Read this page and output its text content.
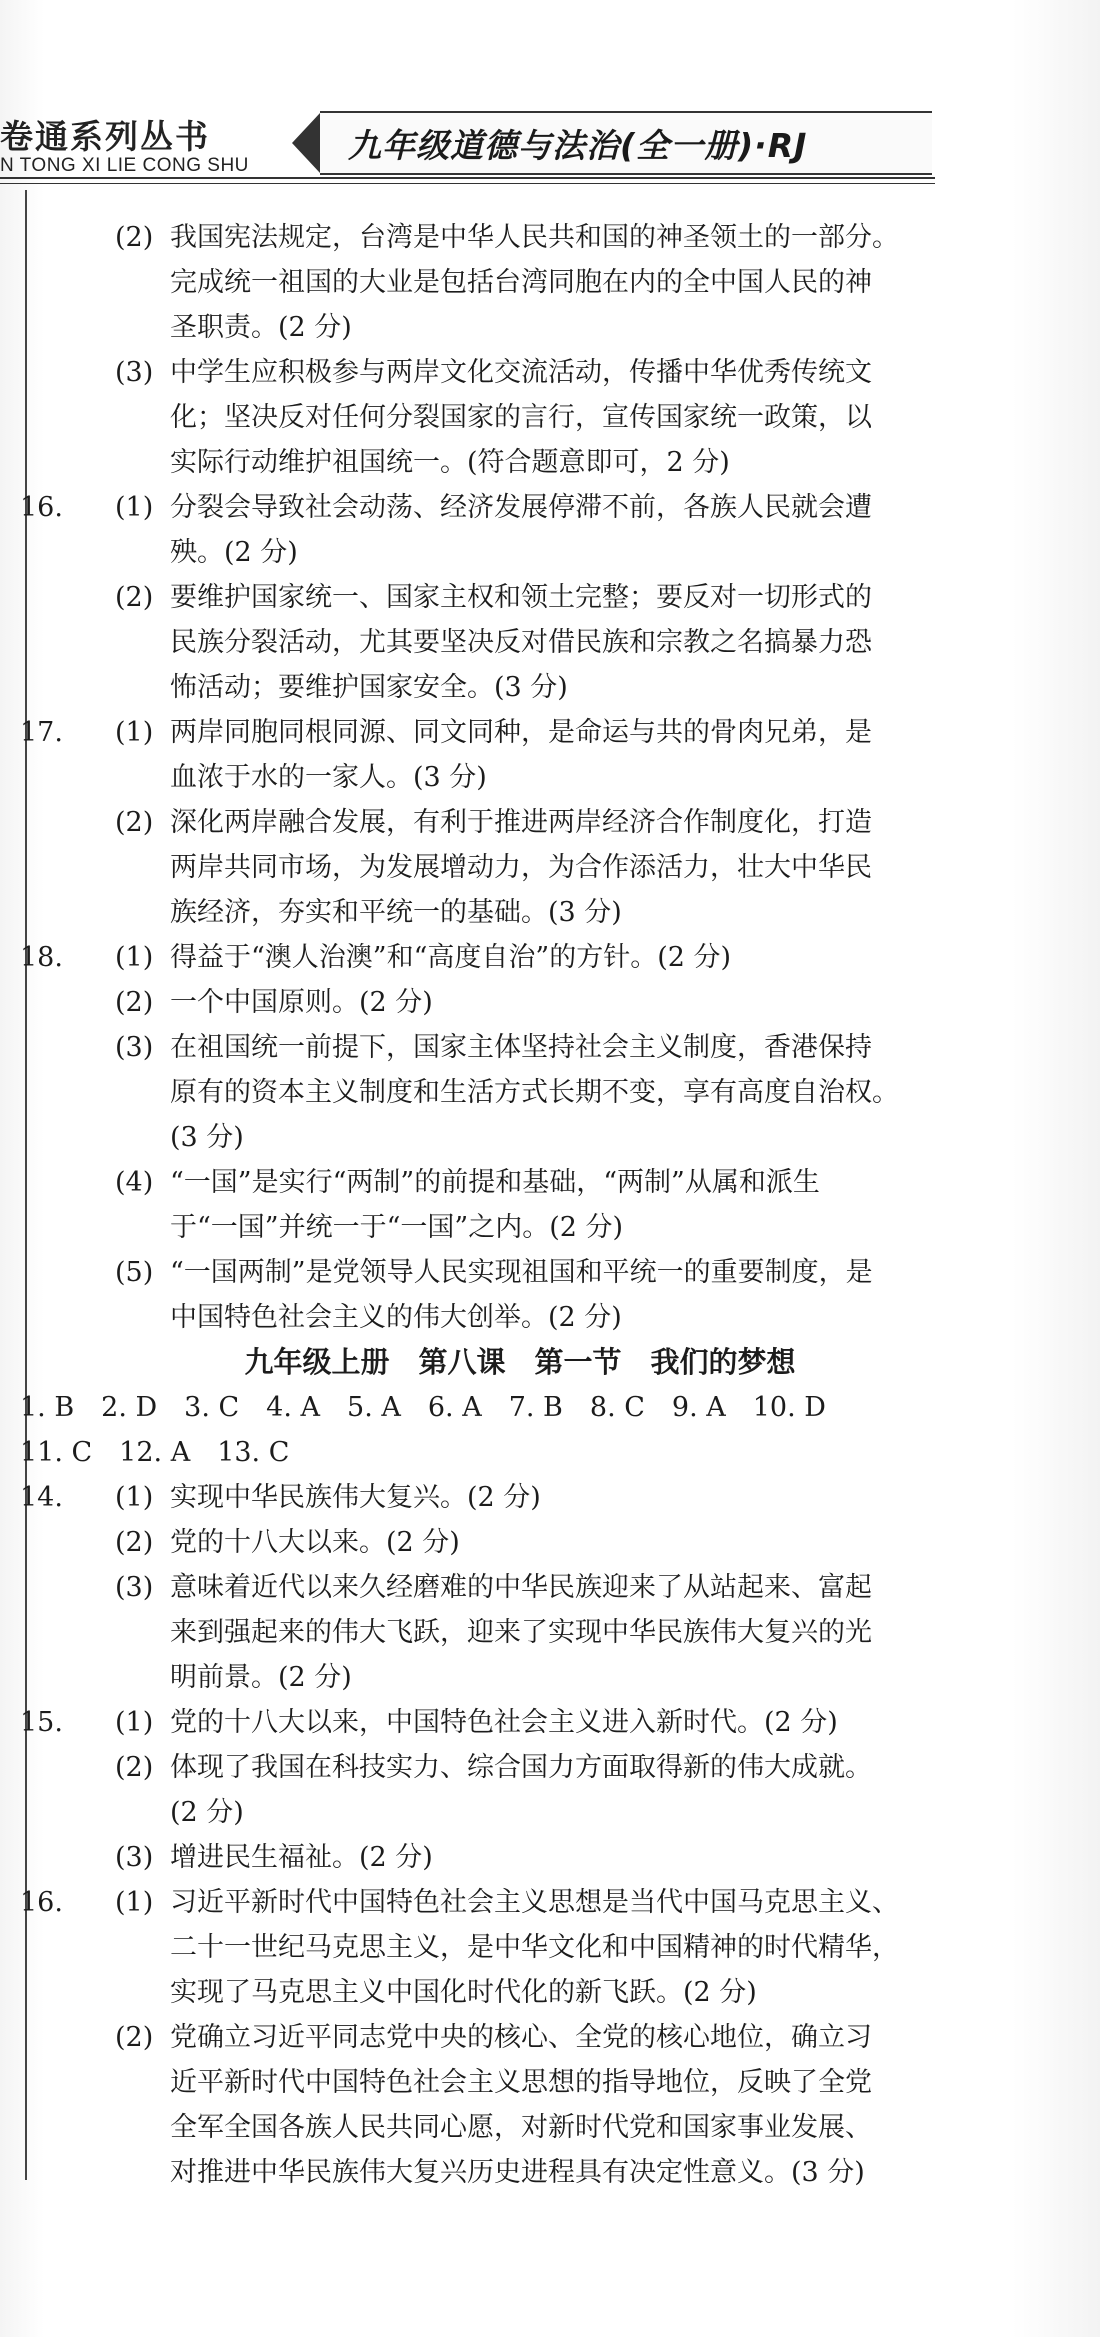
卷通系列丛书
N TONG XI LIE CONG SHU
九年级道德与法治(全一册)·RJ
(2) 我国宪法规定，台湾是中华人民共和国的神圣领土的一部分。
完成统一祖国的大业是包括台湾同胞在内的全中国人民的神
圣职责。(2 分)
(3) 中学生应积极参与两岸文化交流活动，传播中华优秀传统文
化；坚决反对任何分裂国家的言行，宣传国家统一政策，以
实际行动维护祖国统一。(符合题意即可，2 分)
16. (1) 分裂会导致社会动荡、经济发展停滞不前，各族人民就会遭
殃。(2 分)
(2) 要维护国家统一、国家主权和领土完整；要反对一切形式的
民族分裂活动，尤其要坚决反对借民族和宗教之名搞暴力恐
怖活动；要维护国家安全。(3 分)
17. (1) 两岸同胞同根同源、同文同种，是命运与共的骨肉兄弟，是
血浓于水的一家人。(3 分)
(2) 深化两岸融合发展，有利于推进两岸经济合作制度化，打造
两岸共同市场，为发展增动力，为合作添活力，壮大中华民
族经济，夯实和平统一的基础。(3 分)
18. (1) 得益于“澳人治澳”和“高度自治”的方针。(2 分)
(2) 一个中国原则。(2 分)
(3) 在祖国统一前提下，国家主体坚持社会主义制度，香港保持
原有的资本主义制度和生活方式长期不变，享有高度自治权。
(3 分)
(4) “一国”是实行“两制”的前提和基础，“两制”从属和派生
于“一国”并统一于“一国”之内。(2 分)
(5) “一国两制”是党领导人民实现祖国和平统一的重要制度，是
中国特色社会主义的伟大创举。(2 分)
九年级上册　第八课　第一节　我们的梦想
1. B　2. D　3. C　4. A　5. A　6. A　7. B　8. C　9. A　10. D
11. C　12. A　13. C
14. (1) 实现中华民族伟大复兴。(2 分)
(2) 党的十八大以来。(2 分)
(3) 意味着近代以来久经磨难的中华民族迎来了从站起来、富起
来到强起来的伟大飞跃，迎来了实现中华民族伟大复兴的光
明前景。(2 分)
15. (1) 党的十八大以来，中国特色社会主义进入新时代。(2 分)
(2) 体现了我国在科技实力、综合国力方面取得新的伟大成就。
(2 分)
(3) 增进民生福祉。(2 分)
16. (1) 习近平新时代中国特色社会主义思想是当代中国马克思主义、
二十一世纪马克思主义，是中华文化和中国精神的时代精华，
实现了马克思主义中国化时代化的新飞跃。(2 分)
(2) 党确立习近平同志党中央的核心、全党的核心地位，确立习
近平新时代中国特色社会主义思想的指导地位，反映了全党
全军全国各族人民共同心愿，对新时代党和国家事业发展、
对推进中华民族伟大复兴历史进程具有决定性意义。(3 分)
